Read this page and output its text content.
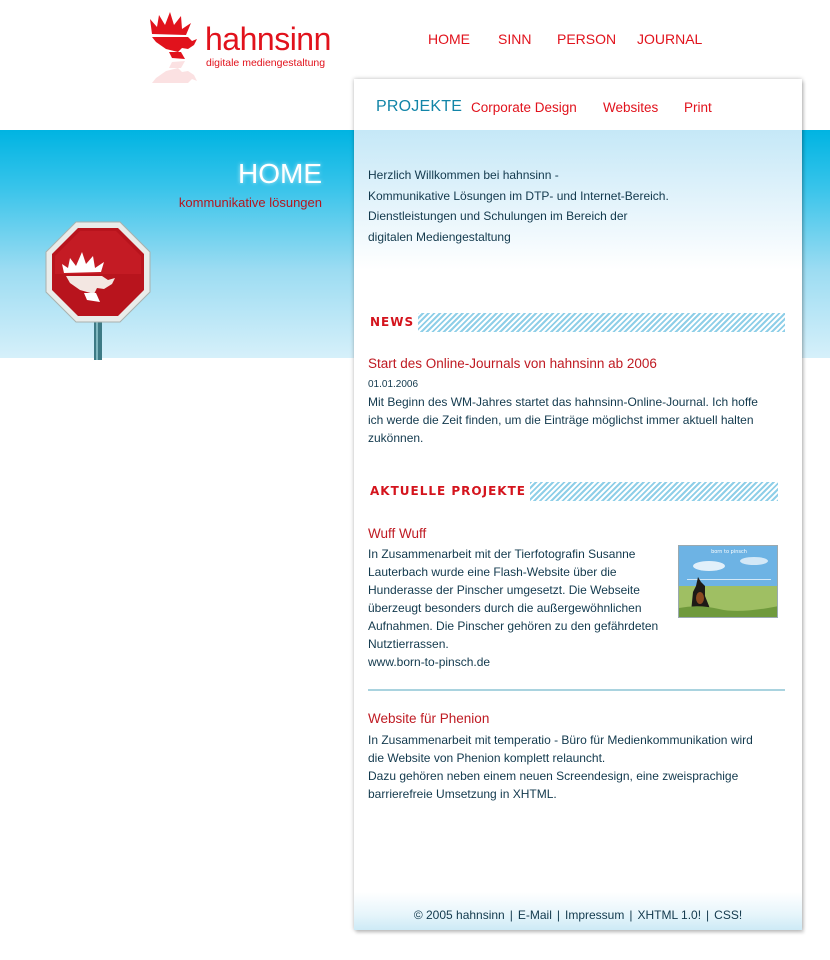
hahnsinn
digitale mediengestaltung
HOME SINN PERSON JOURNAL
HOME
kommunikative lösungen
PROJEKTE Corporate Design Websites Print
Herzlich Willkommen bei hahnsinn -
Kommunikative Lösungen im DTP- und Internet-Bereich.
Dienstleistungen und Schulungen im Bereich der
digitalen Mediengestaltung
NEWS
Start des Online-Journals von hahnsinn ab 2006
01.01.2006
Mit Beginn des WM-Jahres startet das hahnsinn-Online-Journal. Ich hoffe
ich werde die Zeit finden, um die Einträge möglichst immer aktuell halten
zukönnen.
AKTUELLE PROJEKTE
Wuff Wuff
In Zusammenarbeit mit der Tierfotografin Susanne
Lauterbach wurde eine Flash-Website über die
Hunderasse der Pinscher umgesetzt. Die Webseite
überzeugt besonders durch die außergewöhnlichen
Aufnahmen. Die Pinscher gehören zu den gefährdeten
Nutztierrassen.
www.born-to-pinsch.de
born to pinsch
Website für Phenion
In Zusammenarbeit mit temperatio - Büro für Medienkommunikation wird
die Website von Phenion komplett relauncht.
Dazu gehören neben einem neuen Screendesign, eine zweisprachige
barrierefreie Umsetzung in XHTML.
© 2005 hahnsinn | E-Mail | Impressum | XHTML 1.0! | CSS!
